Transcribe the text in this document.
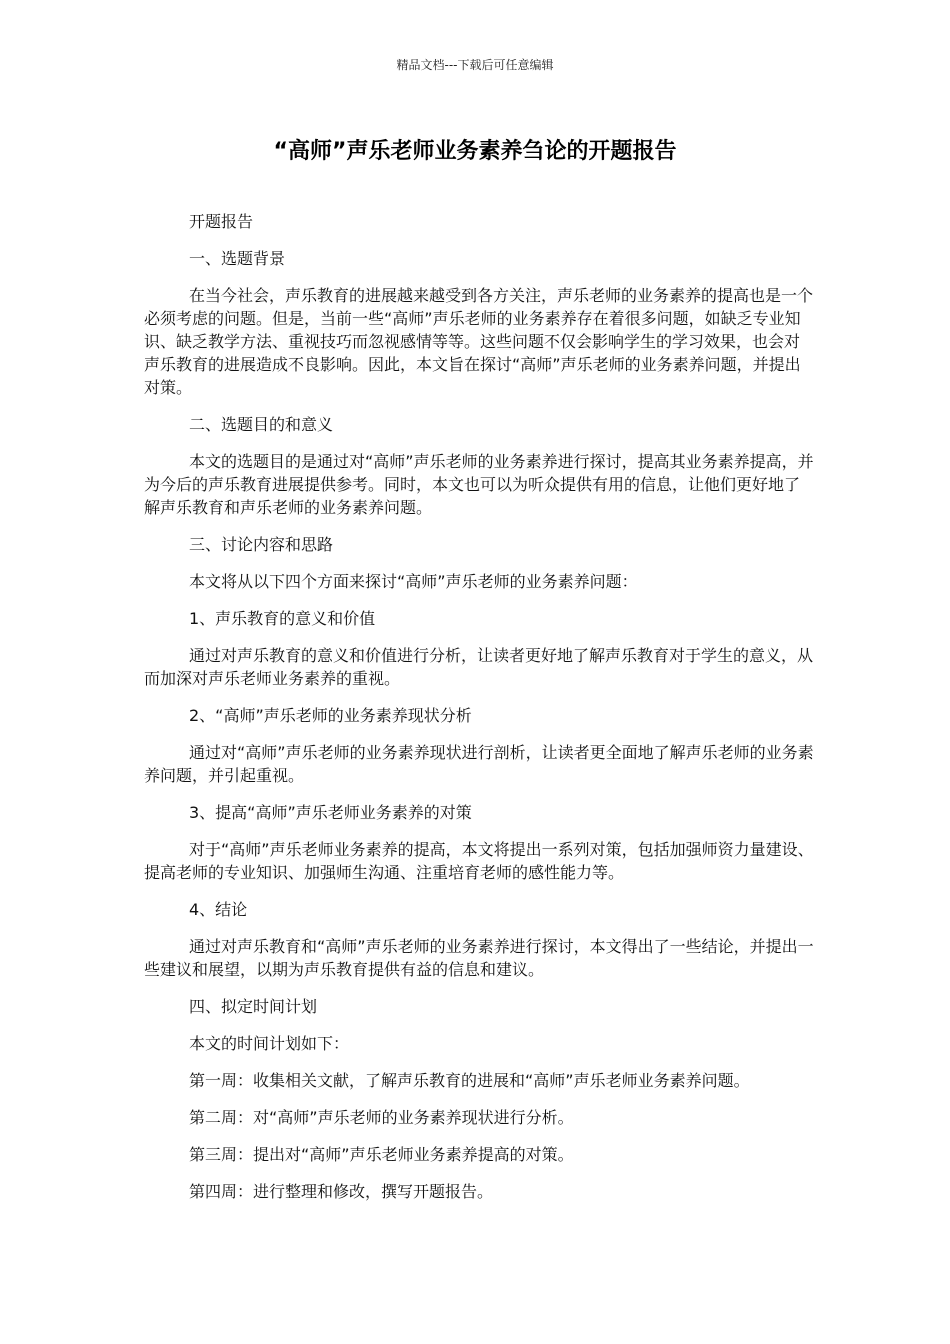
精品文档---下载后可任意编辑
“高师”声乐老师业务素养刍论的开题报告

开题报告

一、选题背景

在当今社会，声乐教育的进展越来越受到各方关注，声乐老师的业务素养的提高也是一个必须考虑的问题。但是，当前一些“高师”声乐老师的业务素养存在着很多问题，如缺乏专业知识、缺乏教学方法、重视技巧而忽视感情等等。这些问题不仅会影响学生的学习效果，也会对声乐教育的进展造成不良影响。因此，本文旨在探讨“高师”声乐老师的业务素养问题，并提出对策。

二、选题目的和意义

本文的选题目的是通过对“高师”声乐老师的业务素养进行探讨，提高其业务素养提高，并为今后的声乐教育进展提供参考。同时，本文也可以为听众提供有用的信息，让他们更好地了解声乐教育和声乐老师的业务素养问题。

三、讨论内容和思路

本文将从以下四个方面来探讨“高师”声乐老师的业务素养问题：

1、声乐教育的意义和价值

通过对声乐教育的意义和价值进行分析，让读者更好地了解声乐教育对于学生的意义，从而加深对声乐老师业务素养的重视。

2、“高师”声乐老师的业务素养现状分析

通过对“高师”声乐老师的业务素养现状进行剖析，让读者更全面地了解声乐老师的业务素养问题，并引起重视。

3、提高“高师”声乐老师业务素养的对策

对于“高师”声乐老师业务素养的提高，本文将提出一系列对策，包括加强师资力量建设、提高老师的专业知识、加强师生沟通、注重培育老师的感性能力等。

4、结论

通过对声乐教育和“高师”声乐老师的业务素养进行探讨，本文得出了一些结论，并提出一些建议和展望，以期为声乐教育提供有益的信息和建议。

四、拟定时间计划

本文的时间计划如下：

第一周：收集相关文献，了解声乐教育的进展和“高师”声乐老师业务素养问题。

第二周：对“高师”声乐老师的业务素养现状进行分析。

第三周：提出对“高师”声乐老师业务素养提高的对策。

第四周：进行整理和修改，撰写开题报告。
